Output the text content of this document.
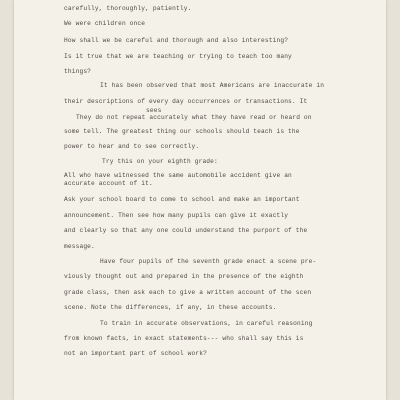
carefully, thoroughly, patiently.

We were children once

How shall we be careful and thorough and also interesting?

Is it true that we are teaching or trying to teach too many

things?

It has been observed that most Americans are inaccurate in

their descriptions of every day occurrences or transactions. It

sees

They do not repeat accurately what they have read or heard on

some tell. The greatest thing our schools should teach is the

power to hear and to see correctly.

Try this on your eighth grade:

All who have witnessed the same automobile accident give an

accurate account of it.

Ask your school board to come to school and make an important

announcement. Then see how many pupils can give it exactly

and clearly so that any one could understand the purport of the

message.

Have four pupils of the seventh grade enact a scene pre-

viously thought out and prepared in the presence of the eighth

grade class, then ask each to give a written account of the scen

scene. Note the differences, if any, in these accounts.

To train in accurate observations, in careful reasoning

from known facts, in exact statements--- who shall say this is

not an important part of school work?
